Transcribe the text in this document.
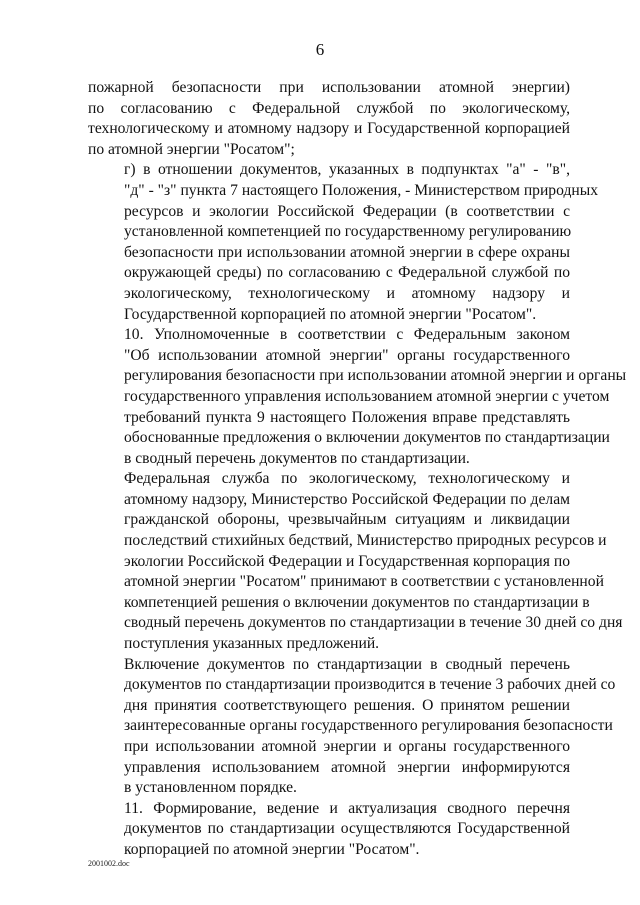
6

пожарной безопасности при использовании атомной энергии)
по согласованию с Федеральной службой по экологическому,
технологическому и атомному надзору и Государственной корпорацией
по атомной энергии "Росатом";

г) в отношении документов, указанных в подпунктах "а" - "в",
"д" - "з" пункта 7 настоящего Положения, - Министерством природных
ресурсов и экологии Российской Федерации (в соответствии с
установленной компетенцией по государственному регулированию
безопасности при использовании атомной энергии в сфере охраны
окружающей среды) по согласованию с Федеральной службой по
экологическому, технологическому и атомному надзору и
Государственной корпорацией по атомной энергии "Росатом".

10. Уполномоченные в соответствии с Федеральным законом
"Об использовании атомной энергии" органы государственного
регулирования безопасности при использовании атомной энергии и органы
государственного управления использованием атомной энергии с учетом
требований пункта 9 настоящего Положения вправе представлять
обоснованные предложения о включении документов по стандартизации
в сводный перечень документов по стандартизации.

Федеральная служба по экологическому, технологическому и
атомному надзору, Министерство Российской Федерации по делам
гражданской обороны, чрезвычайным ситуациям и ликвидации
последствий стихийных бедствий, Министерство природных ресурсов и
экологии Российской Федерации и Государственная корпорация по
атомной энергии "Росатом" принимают в соответствии с установленной
компетенцией решения о включении документов по стандартизации в
сводный перечень документов по стандартизации в течение 30 дней со дня
поступления указанных предложений.

Включение документов по стандартизации в сводный перечень
документов по стандартизации производится в течение 3 рабочих дней со
дня принятия соответствующего решения. О принятом решении
заинтересованные органы государственного регулирования безопасности
при использовании атомной энергии и органы государственного
управления использованием атомной энергии информируются
в установленном порядке.

11. Формирование, ведение и актуализация сводного перечня
документов по стандартизации осуществляются Государственной
корпорацией по атомной энергии "Росатом".

2001002.doc
